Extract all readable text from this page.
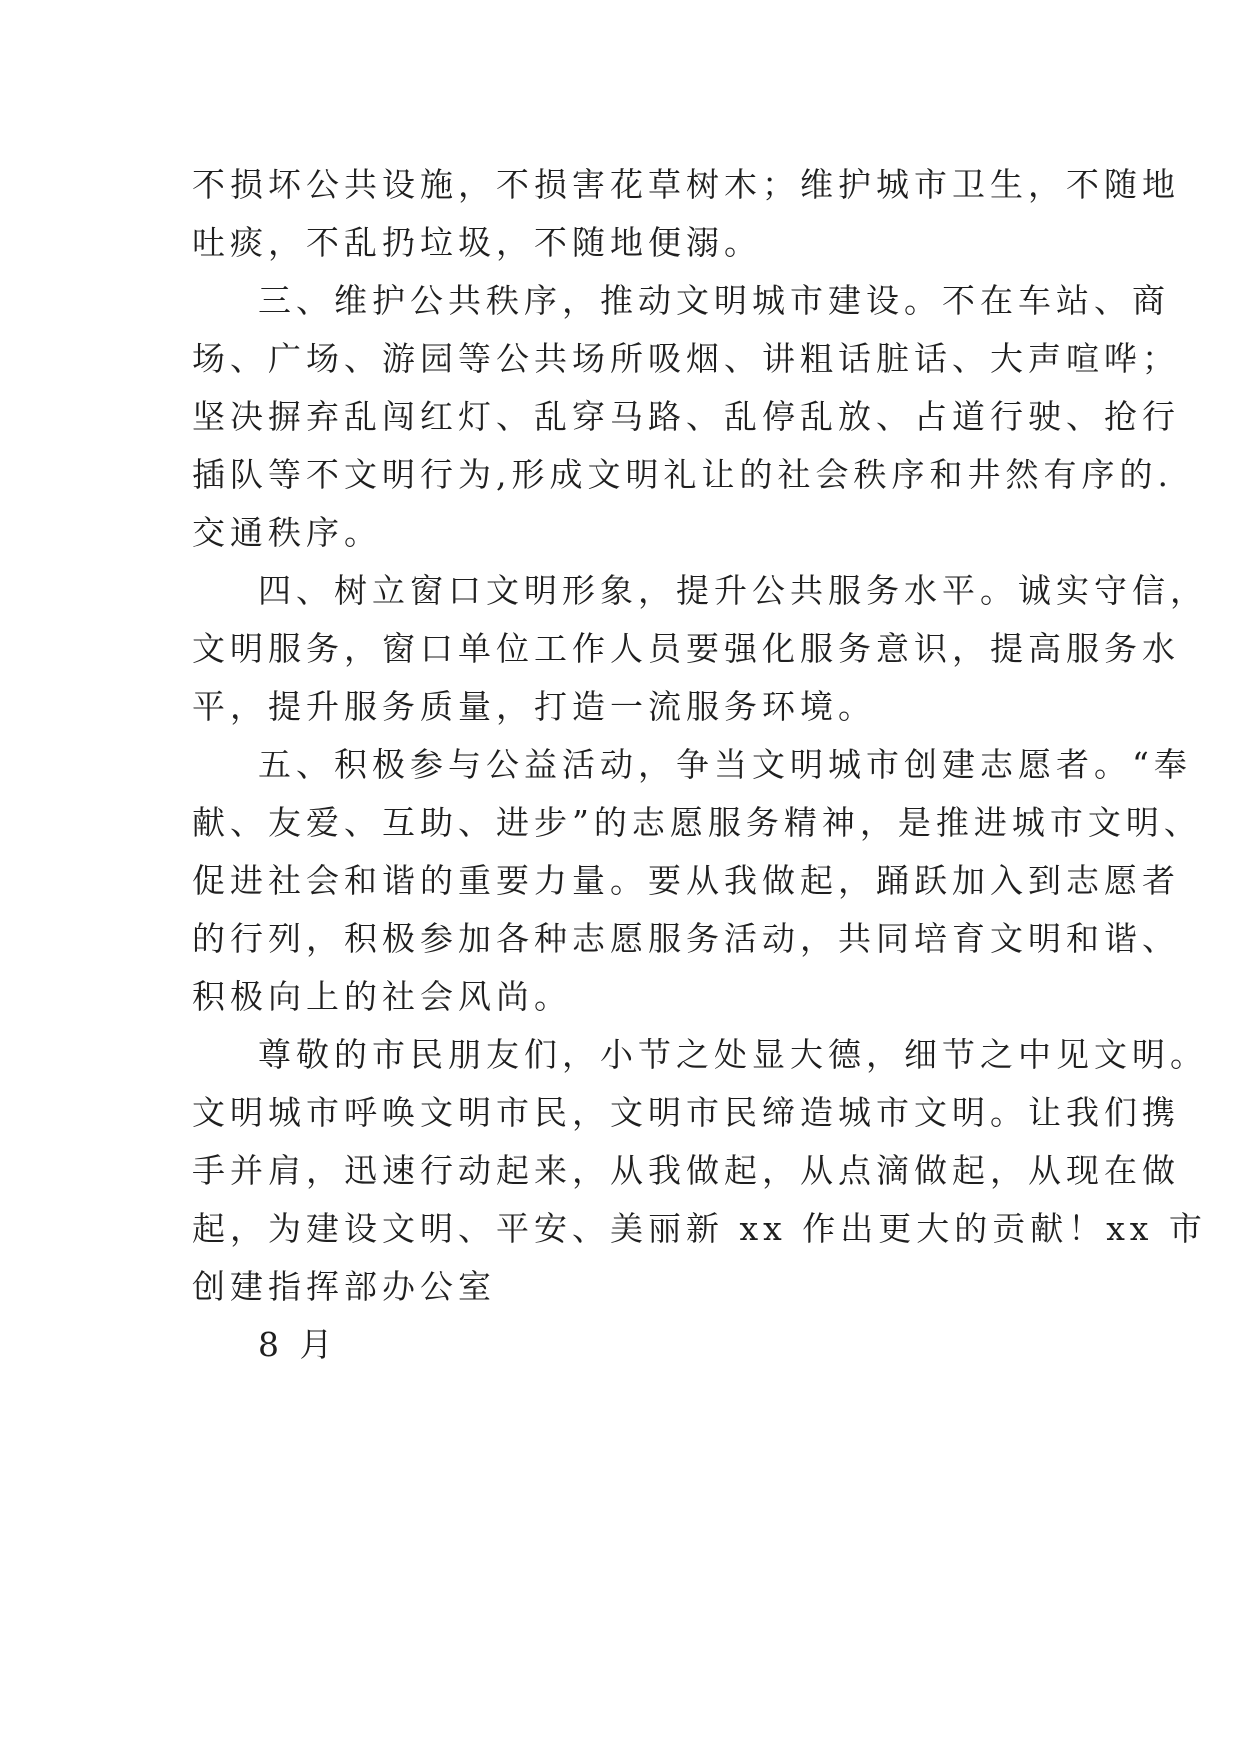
不损坏公共设施，不损害花草树木；维护城市卫生，不随地
吐痰，不乱扔垃圾，不随地便溺。
三、维护公共秩序，推动文明城市建设。不在车站、商
场、广场、游园等公共场所吸烟、讲粗话脏话、大声喧哗；
坚决摒弃乱闯红灯、乱穿马路、乱停乱放、占道行驶、抢行
插队等不文明行为,形成文明礼让的社会秩序和井然有序的.
交通秩序。
四、树立窗口文明形象，提升公共服务水平。诚实守信，
文明服务，窗口单位工作人员要强化服务意识，提高服务水
平，提升服务质量，打造一流服务环境。
五、积极参与公益活动，争当文明城市创建志愿者。“奉
献、友爱、互助、进步”的志愿服务精神，是推进城市文明、
促进社会和谐的重要力量。要从我做起，踊跃加入到志愿者
的行列，积极参加各种志愿服务活动，共同培育文明和谐、
积极向上的社会风尚。
尊敬的市民朋友们，小节之处显大德，细节之中见文明。
文明城市呼唤文明市民，文明市民缔造城市文明。让我们携
手并肩，迅速行动起来，从我做起，从点滴做起，从现在做
起，为建设文明、平安、美丽新 xx 作出更大的贡献！xx 市
创建指挥部办公室
8 月
